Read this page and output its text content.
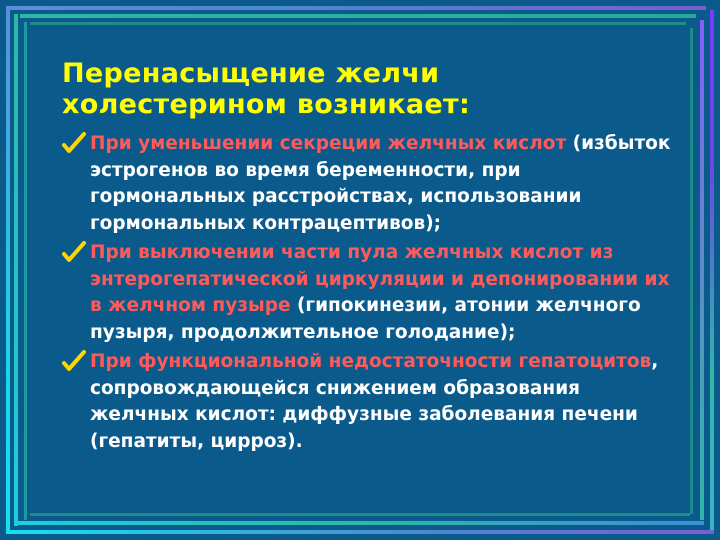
Перенасыщение желчи
холестерином возникает:
При уменьшении секреции желчных кислот (избыток эстрогенов во время беременности, при гормональных расстройствах, использовании гормональных контрацептивов);
При выключении части пула желчных кислот из энтерогепатической циркуляции и депонировании их в желчном пузыре (гипокинезии, атонии желчного пузыря, продолжительное голодание);
При функциональной недостаточности гепатоцитов, сопровождающейся снижением образования желчных кислот: диффузные заболевания печени (гепатиты, цирроз).
